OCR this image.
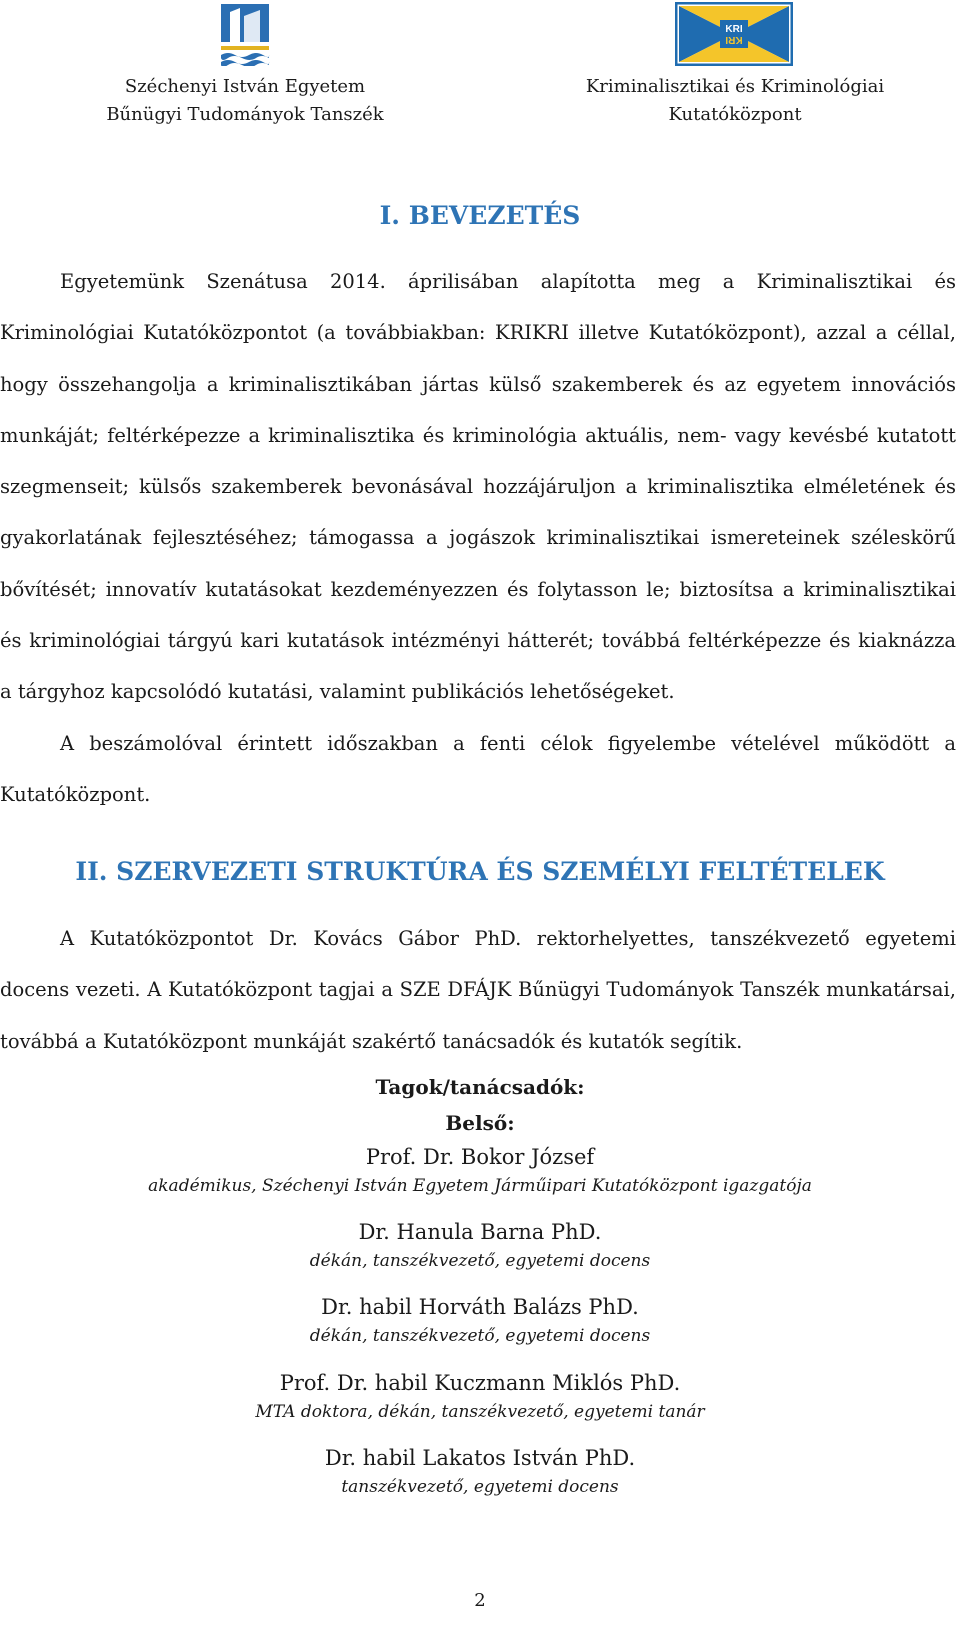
KRI
KRI
Széchenyi István Egyetem
Bűnügyi Tudományok Tanszék
Kriminalisztikai és Kriminológiai
Kutatóközpont
I. BEVEZETÉS

Egyetemünk Szenátusa 2014. áprilisában alapította meg a Kriminalisztikai és Kriminológiai Kutatóközpontot (a továbbiakban: KRIKRI illetve Kutatóközpont), azzal a céllal, hogy összehangolja a kriminalisztikában jártas külső szakemberek és az egyetem innovációs munkáját; feltérképezze a kriminalisztika és kriminológia aktuális, nem- vagy kevésbé kutatott szegmenseit; külsős szakemberek bevonásával hozzájáruljon a kriminalisztika elméletének és gyakorlatának fejlesztéséhez; támogassa a jogászok kriminalisztikai ismereteinek széleskörű bővítését; innovatív kutatásokat kezdeményezzen és folytasson le; biztosítsa a kriminalisztikai és kriminológiai tárgyú kari kutatások intézményi hátterét; továbbá feltérképezze és kiaknázza a tárgyhoz kapcsolódó kutatási, valamint publikációs lehetőségeket.

A beszámolóval érintett időszakban a fenti célok figyelembe vételével működött a Kutatóközpont.

II. SZERVEZETI STRUKTÚRA ÉS SZEMÉLYI FELTÉTELEK

A Kutatóközpontot Dr. Kovács Gábor PhD. rektorhelyettes, tanszékvezető egyetemi docens vezeti. A Kutatóközpont tagjai a SZE DFÁJK Bűnügyi Tudományok Tanszék munkatársai, továbbá a Kutatóközpont munkáját szakértő tanácsadók és kutatók segítik.

Tagok/tanácsadók:
Belső:
Prof. Dr. Bokor József
akadémikus, Széchenyi István Egyetem Járműipari Kutatóközpont igazgatója
Dr. Hanula Barna PhD.
dékán, tanszékvezető, egyetemi docens
Dr. habil Horváth Balázs PhD.
dékán, tanszékvezető, egyetemi docens
Prof. Dr. habil Kuczmann Miklós PhD.
MTA doktora, dékán, tanszékvezető, egyetemi tanár
Dr. habil Lakatos István PhD.
tanszékvezető, egyetemi docens
2
